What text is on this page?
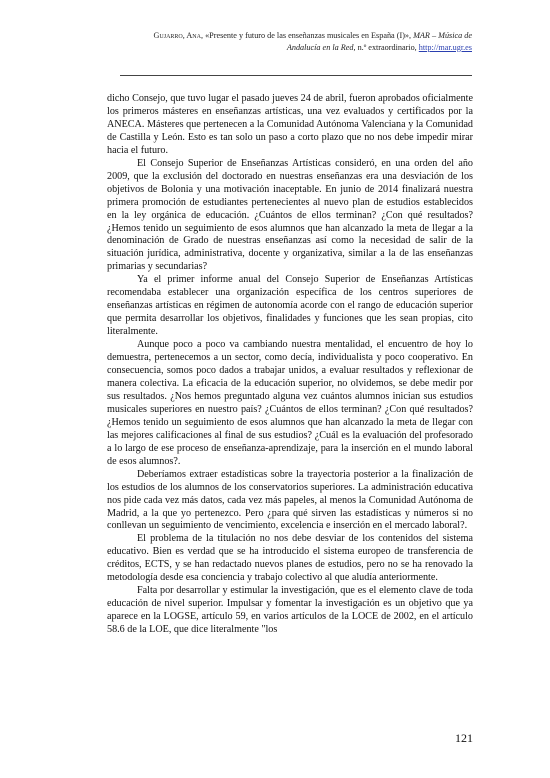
Gujarro, Ana, «Presente y futuro de las enseñanzas musicales en España (I)», MAR – Música de Andalucía en la Red, n.º extraordinario, http://mar.ugr.es

dicho Consejo, que tuvo lugar el pasado jueves 24 de abril, fueron aprobados oficialmente los primeros másteres en enseñanzas artísticas, una vez evaluados y certificados por la ANECA. Másteres que pertenecen a la Comunidad Autónoma Valenciana y la Comunidad de Castilla y León. Esto es tan solo un paso a corto plazo que no nos debe impedir mirar hacia el futuro.

El Consejo Superior de Enseñanzas Artísticas consideró, en una orden del año 2009, que la exclusión del doctorado en nuestras enseñanzas era una desviación de los objetivos de Bolonia y una motivación inaceptable. En junio de 2014 finalizará nuestra primera promoción de estudiantes pertenecientes al nuevo plan de estudios establecidos en la ley orgánica de educación. ¿Cuántos de ellos terminan? ¿Con qué resultados? ¿Hemos tenido un seguimiento de esos alumnos que han alcanzado la meta de llegar a la denominación de Grado de nuestras enseñanzas así como la necesidad de salir de la situación jurídica, administrativa, docente y organizativa, similar a la de las enseñanzas primarias y secundarias?

Ya el primer informe anual del Consejo Superior de Enseñanzas Artísticas recomendaba establecer una organización específica de los centros superiores de enseñanzas artísticas en régimen de autonomía acorde con el rango de educación superior que permita desarrollar los objetivos, finalidades y funciones que les sean propias, cito literalmente.

Aunque poco a poco va cambiando nuestra mentalidad, el encuentro de hoy lo demuestra, pertenecemos a un sector, como decía, individualista y poco cooperativo. En consecuencia, somos poco dados a trabajar unidos, a evaluar resultados y reflexionar de manera colectiva. La eficacia de la educación superior, no olvidemos, se debe medir por sus resultados. ¿Nos hemos preguntado alguna vez cuántos alumnos inician sus estudios musicales superiores en nuestro país? ¿Cuántos de ellos terminan? ¿Con qué resultados? ¿Hemos tenido un seguimiento de esos alumnos que han alcanzado la meta de llegar con las mejores calificaciones al final de sus estudios? ¿Cuál es la evaluación del profesorado a lo largo de ese proceso de enseñanza-aprendizaje, para la inserción en el mundo laboral de esos alumnos?.

Deberíamos extraer estadísticas sobre la trayectoria posterior a la finalización de los estudios de los alumnos de los conservatorios superiores. La administración educativa nos pide cada vez más datos, cada vez más papeles, al menos la Comunidad Autónoma de Madrid, a la que yo pertenezco. Pero ¿para qué sirven las estadísticas y números si no conllevan un seguimiento de vencimiento, excelencia e inserción en el mercado laboral?.

El problema de la titulación no nos debe desviar de los contenidos del sistema educativo. Bien es verdad que se ha introducido el sistema europeo de transferencia de créditos, ECTS, y se han redactado nuevos planes de estudios, pero no se ha renovado la metodología desde esa conciencia y trabajo colectivo al que aludía anteriormente.

Falta por desarrollar y estimular la investigación, que es el elemento clave de toda educación de nivel superior. Impulsar y fomentar la investigación es un objetivo que ya aparece en la LOGSE, artículo 59, en varios artículos de la LOCE de 2002, en el artículo 58.6 de la LOE, que dice literalmente "los

121
